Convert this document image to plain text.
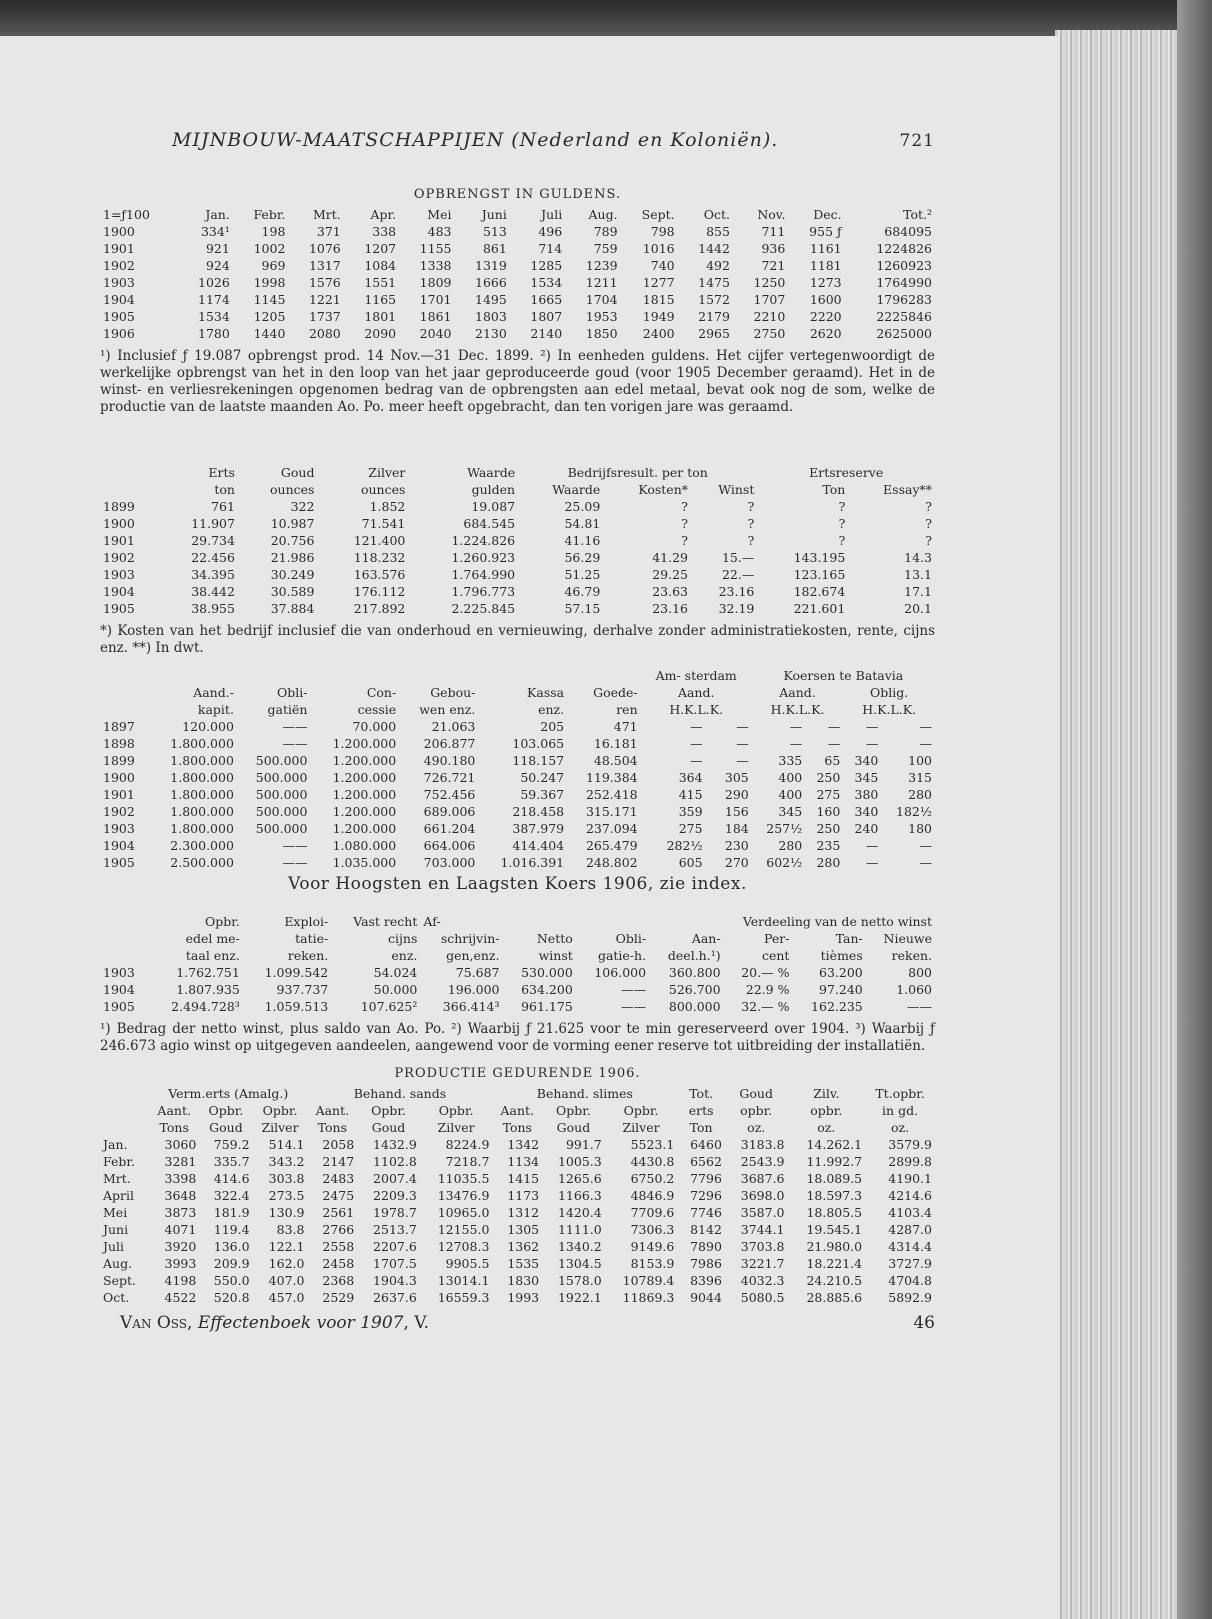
MIJNBOUW-MAATSCHAPPIJEN (Nederland en Koloniën).	721
OPBRENGST IN GULDENS.
1=ƒ100	Jan.	Febr.	Mrt.	Apr.	Mei	Juni	Juli	Aug.	Sept.	Oct.	Nov.	Dec.	Tot.²
1900	334¹	198	371	338	483	513	496	789	798	855	711	955 ƒ	684095
1901	921	1002	1076	1207	1155	861	714	759	1016	1442	936	1161	1224826
1902	924	969	1317	1084	1338	1319	1285	1239	740	492	721	1181	1260923
1903	1026	1998	1576	1551	1809	1666	1534	1211	1277	1475	1250	1273	1764990
1904	1174	1145	1221	1165	1701	1495	1665	1704	1815	1572	1707	1600	1796283
1905	1534	1205	1737	1801	1861	1803	1807	1953	1949	2179	2210	2220	2225846
1906	1780	1440	2080	2090	2040	2130	2140	1850	2400	2965	2750	2620	2625000

¹) Inclusief ƒ 19.087 opbrengst prod. 14 Nov.—31 Dec. 1899. ²) In eenheden guldens. Het cijfer vertegenwoordigt de werkelijke opbrengst van het in den loop van het jaar geproduceerde goud (voor 1905 December geraamd). Het in de winst- en verliesrekeningen opgenomen bedrag van de opbrengsten aan edel metaal, bevat ook nog de som, welke de productie van de laatste maanden Ao. Po. meer heeft opgebracht, dan ten vorigen jare was geraamd.

	Erts	Goud	Zilver	Waarde	Bedrijfsresult. per ton			Ertsreserve	
	ton	ounces	ounces	gulden	Waarde	Kosten*	Winst	Ton	Essay**
1899	761	322	1.852	19.087	25.09	?	?	?	?
1900	11.907	10.987	71.541	684.545	54.81	?	?	?	?
1901	29.734	20.756	121.400	1.224.826	41.16	?	?	?	?
1902	22.456	21.986	118.232	1.260.923	56.29	41.29	15.—	143.195	14.3
1903	34.395	30.249	163.576	1.764.990	51.25	29.25	22.—	123.165	13.1
1904	38.442	30.589	176.112	1.796.773	46.79	23.63	23.16	182.674	17.1
1905	38.955	37.884	217.892	2.225.845	57.15	23.16	32.19	221.601	20.1

*) Kosten van het bedrijf inclusief die van onderhoud en vernieuwing, derhalve zonder administratiekosten, rente, cijns enz. **) In dwt.

							Am- sterdam		Koersen te Batavia			
	Aand.-	Obli-	Con-	Gebou-	Kassa	Goede-	Aand.		Aand.		Oblig.	
	kapit.	gatiën	cessie	wen enz.	enz.	ren	H.K.L.K.		H.K.L.K.		H.K.L.K.	
1897	120.000	——	70.000	21.063	205	471	—	—	—	—	—	—
1898	1.800.000	——	1.200.000	206.877	103.065	16.181	—	—	—	—	—	—
1899	1.800.000	500.000	1.200.000	490.180	118.157	48.504	—	—	335	65	340	100
1900	1.800.000	500.000	1.200.000	726.721	50.247	119.384	364	305	400	250	345	315
1901	1.800.000	500.000	1.200.000	752.456	59.367	252.418	415	290	400	275	380	280
1902	1.800.000	500.000	1.200.000	689.006	218.458	315.171	359	156	345	160	340	182½
1903	1.800.000	500.000	1.200.000	661.204	387.979	237.094	275	184	257½	250	240	180
1904	2.300.000	——	1.080.000	664.006	414.404	265.479	282½	230	280	235	—	—
1905	2.500.000	——	1.035.000	703.000	1.016.391	248.802	605	270	602½	280	—	—
Voor Hoogsten en Laagsten Koers 1906, zie index.
	Opbr.	Exploi-	Vast recht	Af-		Verdeeling van de netto winst				
	edel me-	tatie-	cijns	schrijvin-	Netto	Obli-	Aan-	Per-	Tan-	Nieuwe
	taal enz.	reken.	enz.	gen,enz.	winst	gatie-h.	deel.h.¹)	cent	tièmes	reken.
1903	1.762.751	1.099.542	54.024	75.687	530.000	106.000	360.800	20.— %	63.200	800
1904	1.807.935	937.737	50.000	196.000	634.200	——	526.700	22.9 %	97.240	1.060
1905	2.494.728³	1.059.513	107.625²	366.414³	961.175	——	800.000	32.— %	162.235	——

¹) Bedrag der netto winst, plus saldo van Ao. Po. ²) Waarbij ƒ 21.625 voor te min gereserveerd over 1904. ³) Waarbij ƒ 246.673 agio winst op uitgegeven aandeelen, aangewend voor de vorming eener reserve tot uitbreiding der installatiën.

PRODUCTIE GEDURENDE 1906.
	Verm.erts (Amalg.)			Behand. sands			Behand. slimes			Tot.	Goud	Zilv.	Tt.opbr.
	Aant.	Opbr.	Opbr.	Aant.	Opbr.	Opbr.	Aant.	Opbr.	Opbr.	erts	opbr.	opbr.	in gd.
	Tons	Goud	Zilver	Tons	Goud	Zilver	Tons	Goud	Zilver	Ton	oz.	oz.	oz.
Jan.	3060	759.2	514.1	2058	1432.9	8224.9	1342	991.7	5523.1	6460	3183.8	14.262.1	3579.9
Febr.	3281	335.7	343.2	2147	1102.8	7218.7	1134	1005.3	4430.8	6562	2543.9	11.992.7	2899.8
Mrt.	3398	414.6	303.8	2483	2007.4	11035.5	1415	1265.6	6750.2	7796	3687.6	18.089.5	4190.1
April	3648	322.4	273.5	2475	2209.3	13476.9	1173	1166.3	4846.9	7296	3698.0	18.597.3	4214.6
Mei	3873	181.9	130.9	2561	1978.7	10965.0	1312	1420.4	7709.6	7746	3587.0	18.805.5	4103.4
Juni	4071	119.4	83.8	2766	2513.7	12155.0	1305	1111.0	7306.3	8142	3744.1	19.545.1	4287.0
Juli	3920	136.0	122.1	2558	2207.6	12708.3	1362	1340.2	9149.6	7890	3703.8	21.980.0	4314.4
Aug.	3993	209.9	162.0	2458	1707.5	9905.5	1535	1304.5	8153.9	7986	3221.7	18.221.4	3727.9
Sept.	4198	550.0	407.0	2368	1904.3	13014.1	1830	1578.0	10789.4	8396	4032.3	24.210.5	4704.8
Oct.	4522	520.8	457.0	2529	2637.6	16559.3	1993	1922.1	11869.3	9044	5080.5	28.885.6	5892.9
Van Oss, Effectenboek voor 1907, V.	46
